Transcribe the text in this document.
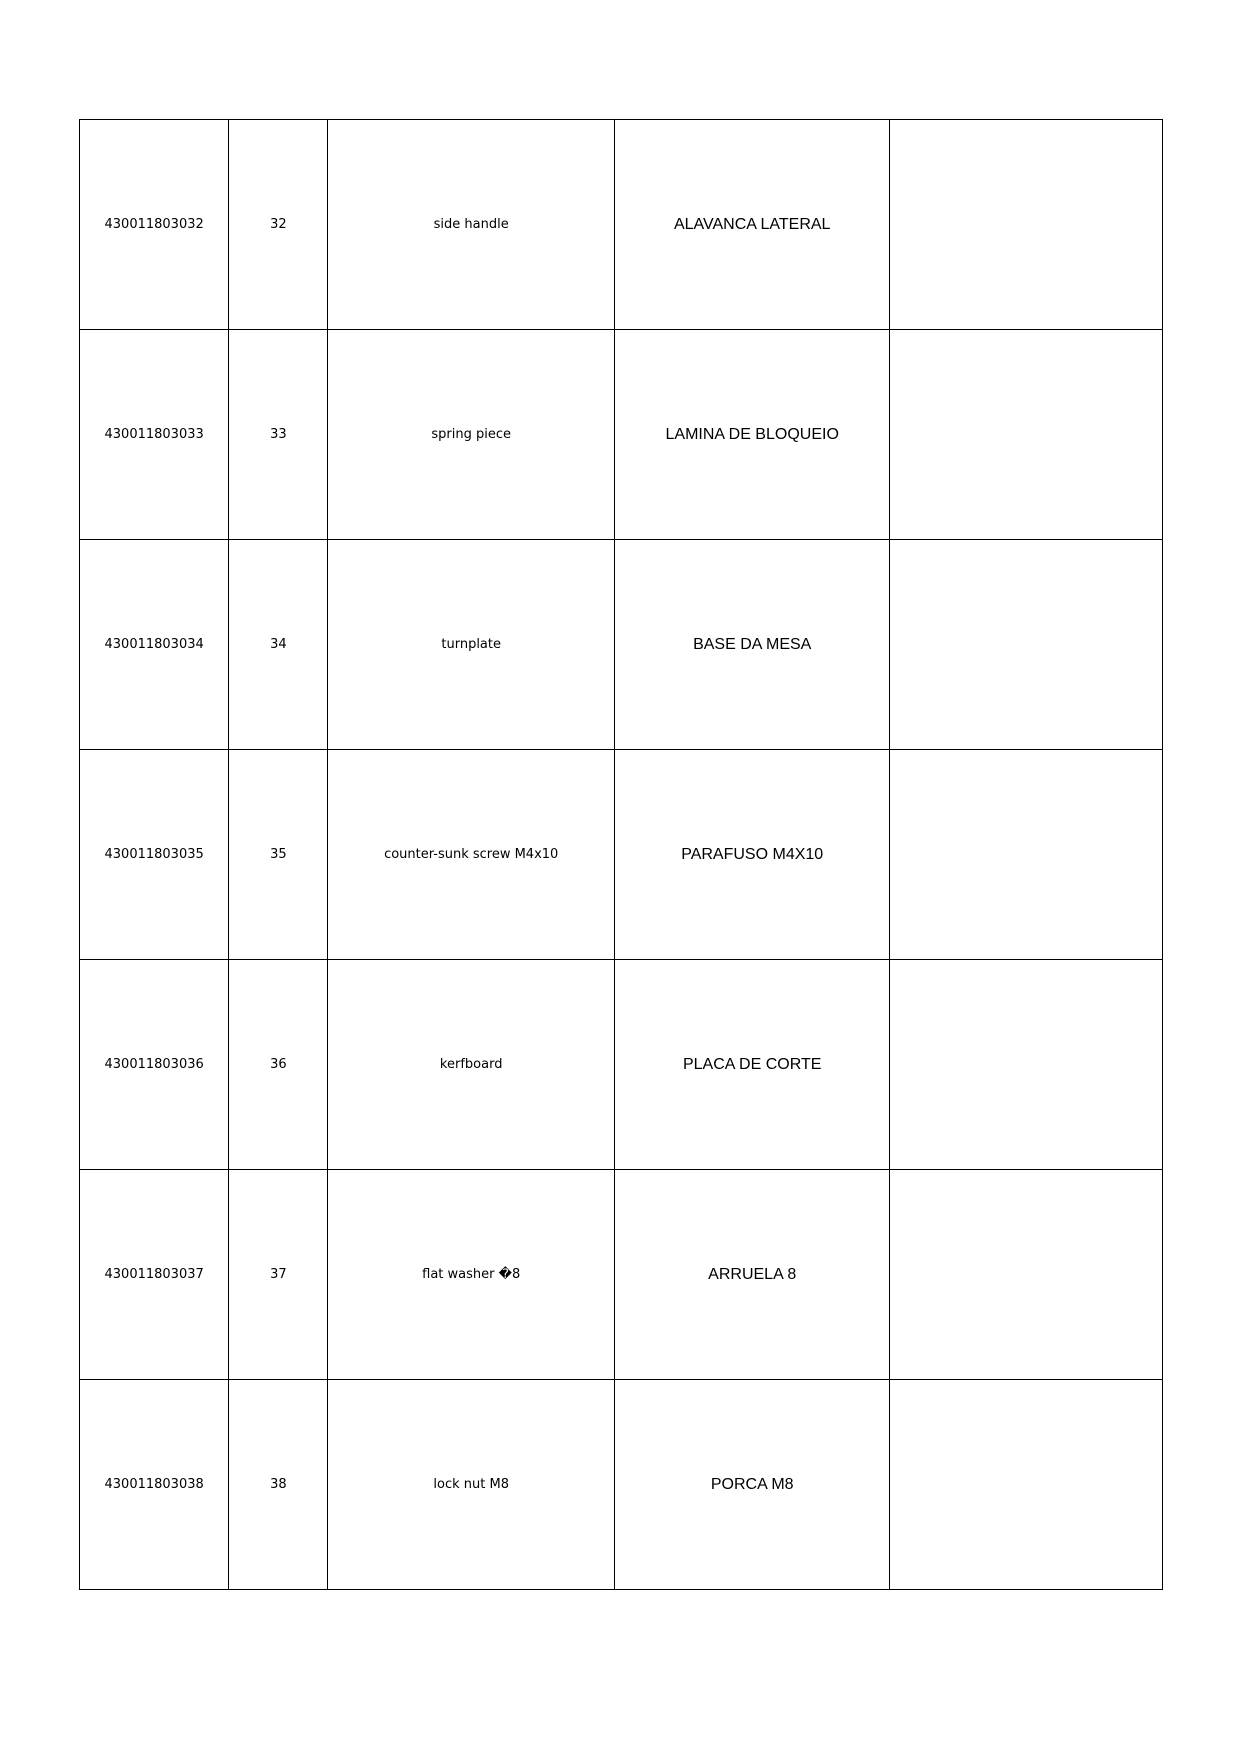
430011803032	32	side handle	ALAVANCA LATERAL	
430011803033	33	spring piece	LAMINA DE BLOQUEIO	
430011803034	34	turnplate	BASE DA MESA	
430011803035	35	counter-sunk screw M4x10	PARAFUSO M4X10	
430011803036	36	kerfboard	PLACA DE CORTE	
430011803037	37	flat washer �8	ARRUELA 8	
430011803038	38	lock nut M8	PORCA M8	
